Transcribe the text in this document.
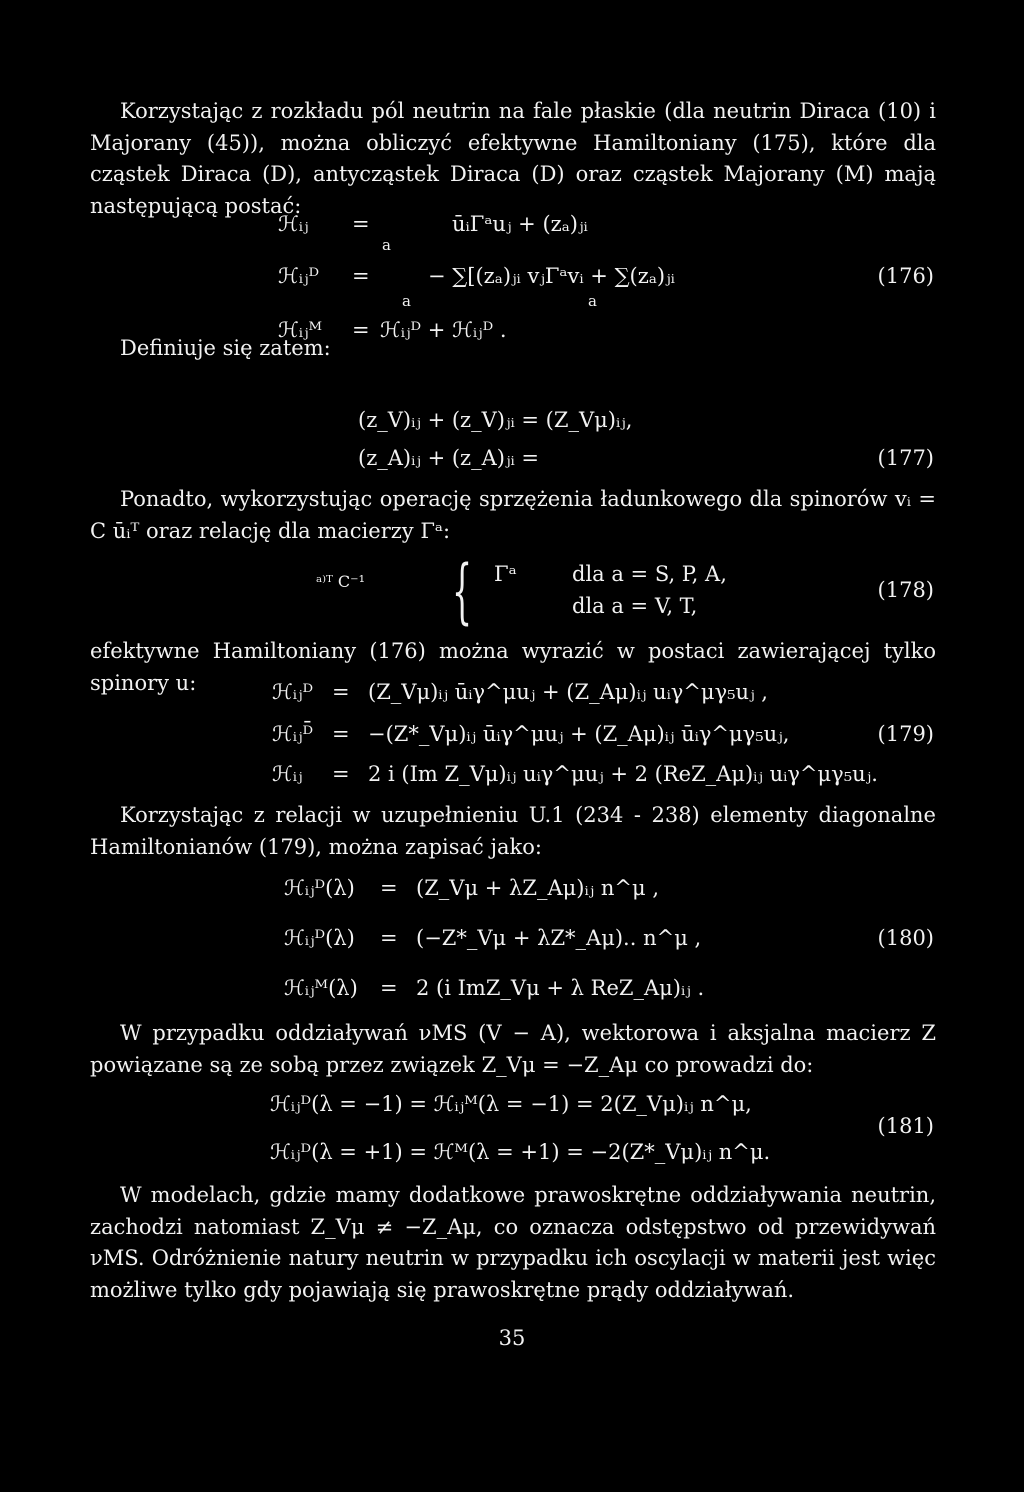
Korzystając z rozkładu pól neutrin na fale płaskie (dla neutrin Diraca (10) i Majorany (45)), można obliczyć efektywne Hamiltoniany (175), które dla cząstek Diraca (D), antycząstek Diraca (D) oraz cząstek Majorany (M) mają następującą postać:
ℋᵢⱼ =	ūᵢΓᵃuⱼ + (zₐ)ⱼᵢ
a
ℋᵢⱼᴰ =	− ∑[(zₐ)ⱼᵢ vⱼΓᵃvᵢ + ∑(zₐ)ⱼᵢ
a	a
ℋᵢⱼᴹ = ℋᵢⱼᴰ + ℋᵢⱼᴰ .
(176)
Definiuje się zatem:
(z_V)ᵢⱼ + (z_V)ⱼᵢ = (Z_Vμ)ᵢⱼ,
(z_A)ᵢⱼ + (z_A)ⱼᵢ =	(177)
Ponadto, wykorzystując operację sprzężenia ładunkowego dla spinorów vᵢ = C ūᵢᵀ oraz relację dla macierzy Γᵃ:
ᵃ⁾ᵀ C⁻¹ { Γᵃ	dla a = S, P, A,
dla a = V, T,
(178)
efektywne Hamiltoniany (176) można wyrazić w postaci zawierającej tylko spinory u:	ℋᵢⱼᴰ = (Z_Vμ)ᵢⱼ ūᵢγ^μuⱼ + (Z_Aμ)ᵢⱼ uᵢγ^μγ₅uⱼ ,
ℋᵢⱼᴰ̄ = −(Z*_Vμ)ᵢⱼ ūᵢγ^μuⱼ + (Z_Aμ)ᵢⱼ ūᵢγ^μγ₅uⱼ,
ℋᵢⱼ = 2 i (Im Z_Vμ)ᵢⱼ uᵢγ^μuⱼ + 2 (ReZ_Aμ)ᵢⱼ uᵢγ^μγ₅uⱼ.
(179)
Korzystając z relacji w uzupełnieniu U.1 (234 - 238) elementy diagonalne Hamiltonianów (179), można zapisać jako:
ℋᵢⱼᴰ(λ) = (Z_Vμ + λZ_Aμ)ᵢⱼ n^μ ,
ℋᵢⱼᴰ(λ) = (−Z*_Vμ + λZ*_Aμ).. n^μ ,
ℋᵢⱼᴹ(λ) = 2 (i ImZ_Vμ + λ ReZ_Aμ)ᵢⱼ .
(180)
W przypadku oddziaływań νMS (V − A), wektorowa i aksjalna macierz Z powiązane są ze sobą przez związek Z_Vμ = −Z_Aμ co prowadzi do:
ℋᵢⱼᴰ(λ = −1) = ℋᵢⱼᴹ(λ = −1) = 2(Z_Vμ)ᵢⱼ n^μ,
ℋᵢⱼᴰ(λ = +1) = ℋᴹ(λ = +1) = −2(Z*_Vμ)ᵢⱼ n^μ.
(181)
W modelach, gdzie mamy dodatkowe prawoskrętne oddziaływania neutrin, zachodzi natomiast Z_Vμ ≠ −Z_Aμ, co oznacza odstępstwo od przewidywań νMS. Odróżnienie natury neutrin w przypadku ich oscylacji w materii jest więc możliwe tylko gdy pojawiają się prawoskrętne prądy oddziaływań.
35
